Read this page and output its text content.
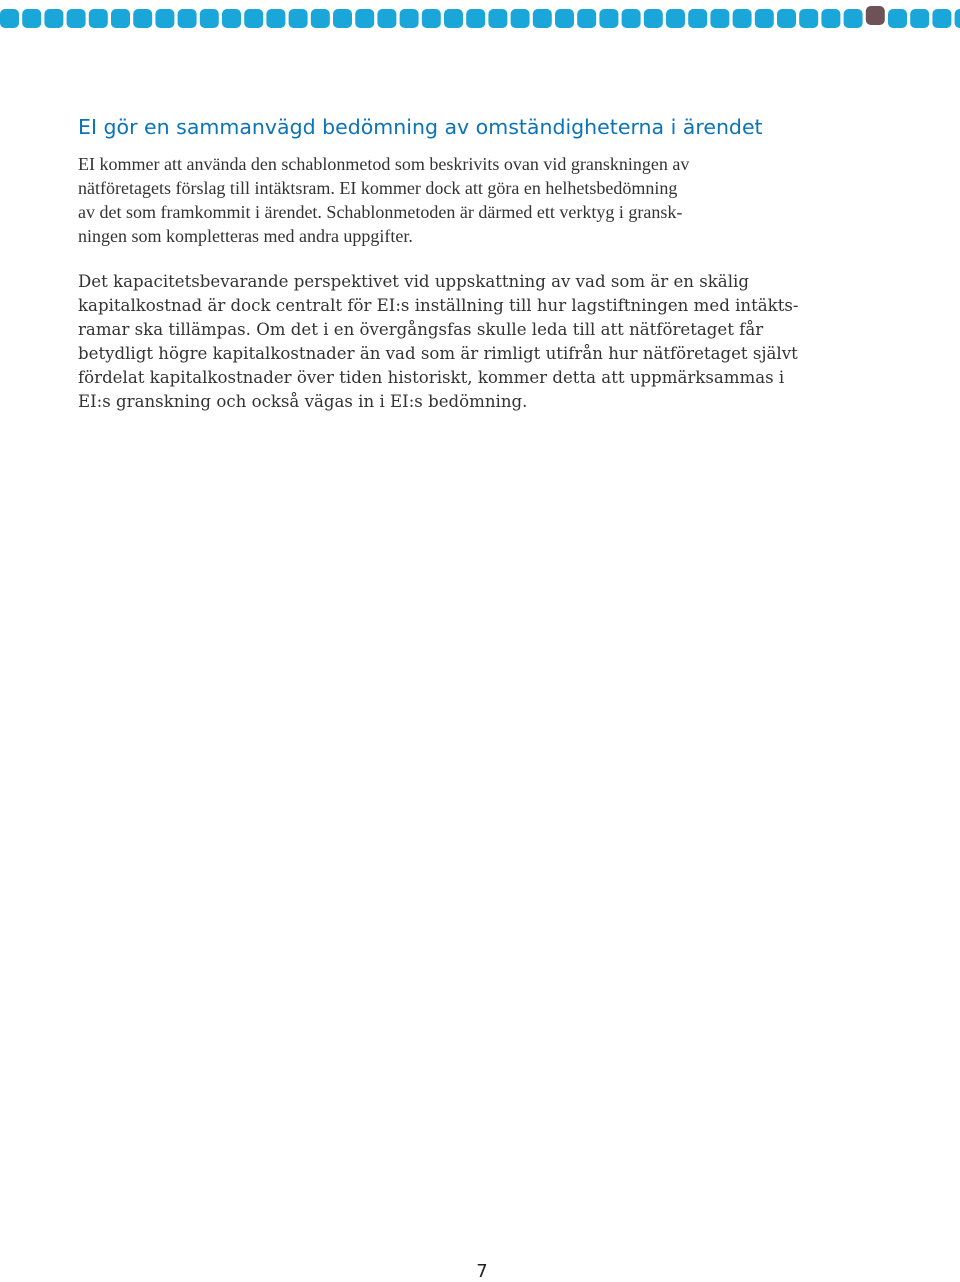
EI gör en sammanvägd bedömning av omständigheterna i ärendet
EI kommer att använda den schablonmetod som beskrivits ovan vid granskningen av
nätföretagets förslag till intäktsram. EI kommer dock att göra en helhetsbedömning
av det som framkommit i ärendet. Schablonmetoden är därmed ett verktyg i gransk-
ningen som kompletteras med andra uppgifter.
Det kapacitetsbevarande perspektivet vid uppskattning av vad som är en skälig
kapitalkostnad är dock centralt för EI:s inställning till hur lagstiftningen med intäkts-
ramar ska tillämpas. Om det i en övergångsfas skulle leda till att nätföretaget får
betydligt högre kapitalkostnader än vad som är rimligt utifrån hur nätföretaget självt
fördelat kapitalkostnader över tiden historiskt, kommer detta att uppmärksammas i
EI:s granskning och också vägas in i EI:s bedömning.
7
